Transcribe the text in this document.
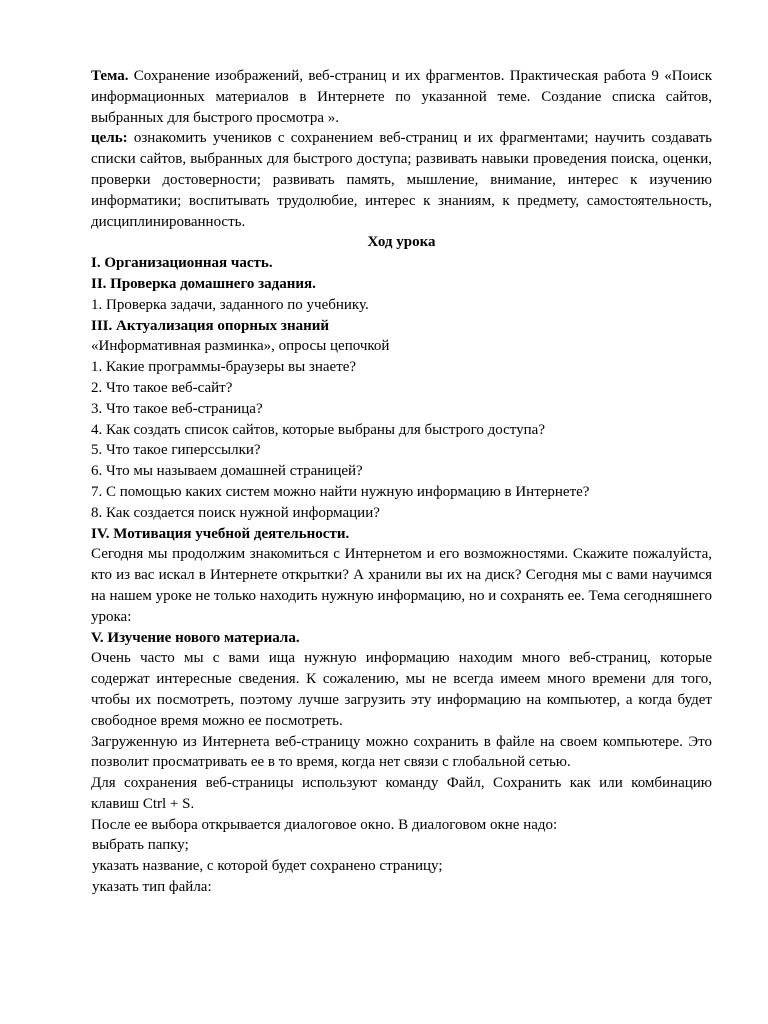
Тема. Сохранение изображений, веб-страниц и их фрагментов. Практическая работа 9 «Поиск информационных материалов в Интернете по указанной теме. Создание списка сайтов, выбранных для быстрого просмотра ».

цель: ознакомить учеников с сохранением веб-страниц и их фрагментами; научить создавать списки сайтов, выбранных для быстрого доступа; развивать навыки проведения поиска, оценки, проверки достоверности; развивать память, мышление, внимание, интерес к изучению информатики; воспитывать трудолюбие, интерес к знаниям, к предмету, самостоятельность, дисциплинированность.

Ход урока

I. Организационная часть.

II. Проверка домашнего задания.

1. Проверка задачи, заданного по учебнику.

III. Актуализация опорных знаний

«Информативная разминка», опросы цепочкой

1. Какие программы-браузеры вы знаете?

2. Что такое веб-сайт?

3. Что такое веб-страница?

4. Как создать список сайтов, которые выбраны для быстрого доступа?

5. Что такое гиперссылки?

6. Что мы называем домашней страницей?

7. С помощью каких систем можно найти нужную информацию в Интернете?

8. Как создается поиск нужной информации?

IV. Мотивация учебной деятельности.

Сегодня мы продолжим знакомиться с Интернетом и его возможностями. Скажите пожалуйста, кто из вас искал в Интернете открытки? А хранили вы их на диск? Сегодня мы с вами научимся на нашем уроке не только находить нужную информацию, но и сохранять ее. Тема сегодняшнего урока:

V. Изучение нового материала.

Очень часто мы с вами ища нужную информацию находим много веб-страниц, которые содержат интересные сведения. К сожалению, мы не всегда имеем много времени для того, чтобы их посмотреть, поэтому лучше загрузить эту информацию на компьютер, а когда будет свободное время можно ее посмотреть.

Загруженную из Интернета веб-страницу можно сохранить в файле на своем компьютере. Это позволит просматривать ее в то время, когда нет связи с глобальной сетью.

Для сохранения веб-страницы используют команду Файл, Сохранить как или комбинацию клавиш Ctrl + S.

После ее выбора открывается диалоговое окно. В диалоговом окне надо:

выбрать папку;

указать название, с которой будет сохранено страницу;

указать тип файла:
